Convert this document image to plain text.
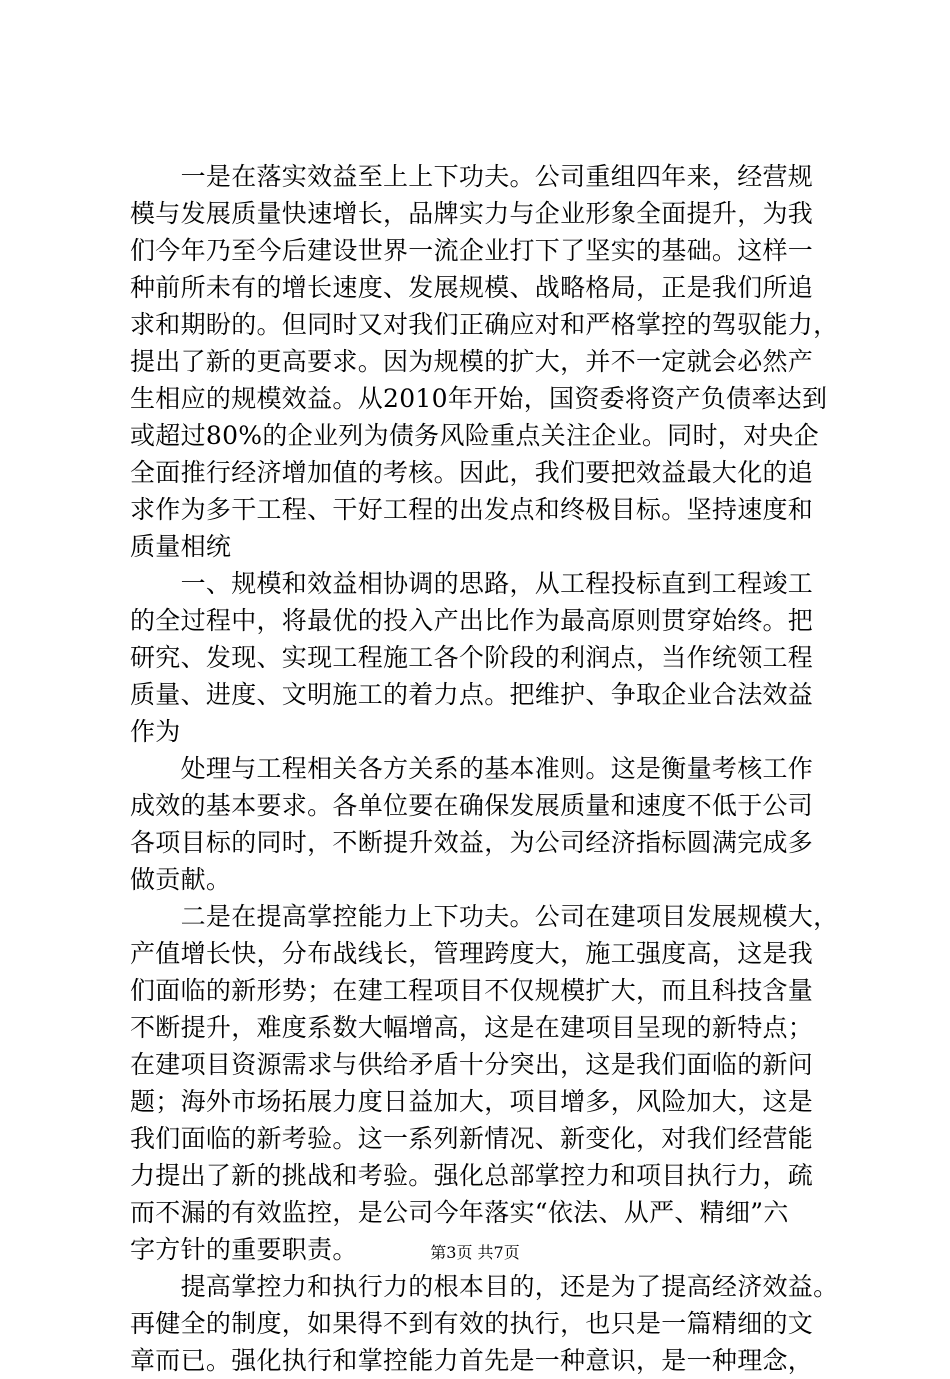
　　一是在落实效益至上上下功夫。公司重组四年来，经营规
模与发展质量快速增长，品牌实力与企业形象全面提升，为我
们今年乃至今后建设世界一流企业打下了坚实的基础。这样一
种前所未有的增长速度、发展规模、战略格局，正是我们所追
求和期盼的。但同时又对我们正确应对和严格掌控的驾驭能力，
提出了新的更高要求。因为规模的扩大，并不一定就会必然产
生相应的规模效益。从2010年开始，国资委将资产负债率达到
或超过80%的企业列为债务风险重点关注企业。同时，对央企
全面推行经济增加值的考核。因此，我们要把效益最大化的追
求作为多干工程、干好工程的出发点和终极目标。坚持速度和
质量相统
　　一、规模和效益相协调的思路，从工程投标直到工程竣工
的全过程中，将最优的投入产出比作为最高原则贯穿始终。把
研究、发现、实现工程施工各个阶段的利润点，当作统领工程
质量、进度、文明施工的着力点。把维护、争取企业合法效益
作为
　　处理与工程相关各方关系的基本准则。这是衡量考核工作
成效的基本要求。各单位要在确保发展质量和速度不低于公司
各项目标的同时，不断提升效益，为公司经济指标圆满完成多
做贡献。
　　二是在提高掌控能力上下功夫。公司在建项目发展规模大，
产值增长快，分布战线长，管理跨度大，施工强度高，这是我
们面临的新形势；在建工程项目不仅规模扩大，而且科技含量
不断提升，难度系数大幅增高，这是在建项目呈现的新特点；
在建项目资源需求与供给矛盾十分突出，这是我们面临的新问
题；海外市场拓展力度日益加大，项目增多，风险加大，这是
我们面临的新考验。这一系列新情况、新变化，对我们经营能
力提出了新的挑战和考验。强化总部掌控力和项目执行力，疏
而不漏的有效监控，是公司今年落实“依法、从严、精细”六
字方针的重要职责。
　　提高掌控力和执行力的根本目的，还是为了提高经济效益。
再健全的制度，如果得不到有效的执行，也只是一篇精细的文
章而已。强化执行和掌控能力首先是一种意识，是一种理念，
第3页 共7页
